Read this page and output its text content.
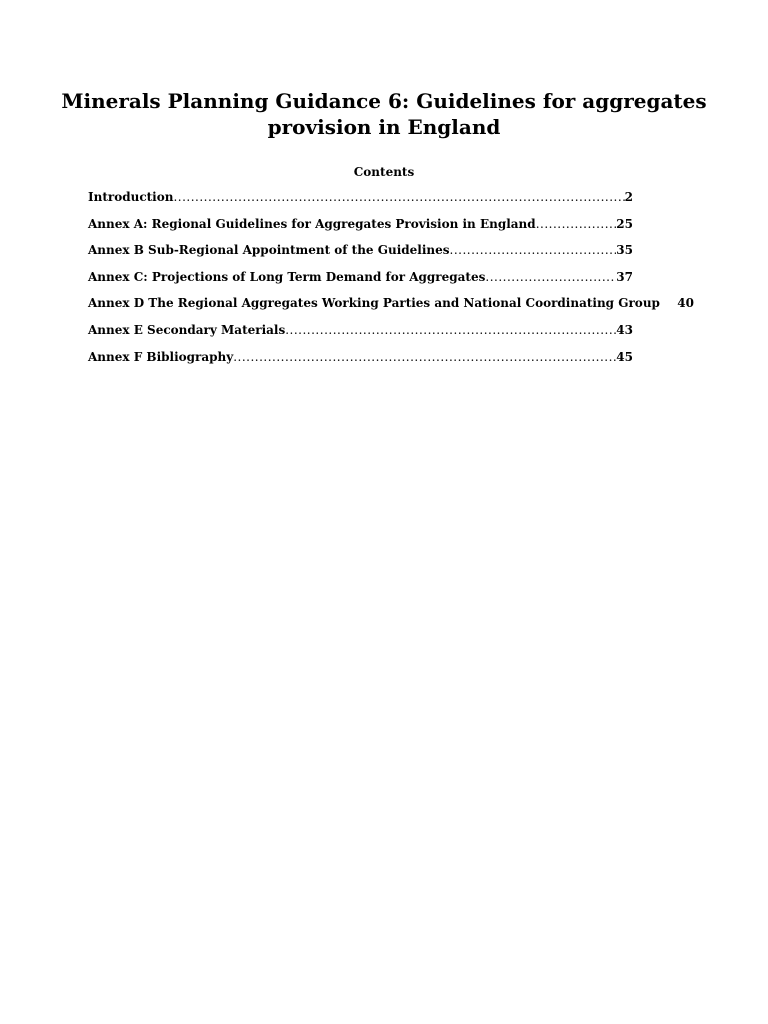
Minerals Planning Guidance 6: Guidelines for aggregates provision in England
Contents
Introduction .....	2
Annex A: Regional Guidelines for Aggregates Provision in England .....	25
Annex B Sub-Regional Appointment of the Guidelines .....	35
Annex C: Projections of Long Term Demand for Aggregates .....	37
Annex D The Regional Aggregates Working Parties and National Coordinating Group 40
Annex E Secondary Materials .....	43
Annex F Bibliography .....	45
